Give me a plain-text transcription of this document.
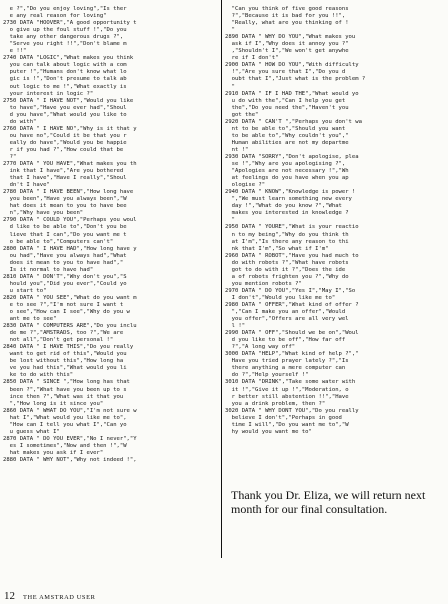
e ?","Do you enjoy loving","Is ther
e any real reason for loving"
2730 DATA "HOOVER","A good opportunity t
o give up the foul stuff !","Do you
take any other dangerous drugs ?",
"Serve you right !!","Don't blame m
e !!"
2740 DATA "LOGIC","What makes you think
you can talk about logic with a com
puter !","Humans don't know what lo
gic is !","Don't presume to talk ab
out logic to me !","What exactly is
your interest in logic ?"
2750 DATA " I HAVE NOT","Would you like
to have","Have you ever had","Shoul
d you have","What would you like to
do with"
2760 DATA " I HAVE NO","Why is it that y
ou have no","Could it be that you r
eally do have","Would you be happie
r if you had ?","How could that be
?"
2770 DATA " YOU HAVE","What makes you th
ink that I have","Are you bothered
that I have","Have I really","Shoul
dn't I have"
2780 DATA " I HAVE BEEN","How long have
you been","Have you always been","W
hat does it mean to you to have bee
n","Why have you been"
2790 DATA " COULD YOU","Perhaps you woul
d like to be able to","Don't you be
lieve that I can","Do you want me t
o be able to","Computers can't"
2800 DATA " I HAVE HAD","How long have y
ou had","Have you always had","What
does it mean to you to have had","
Is it normal to have had"
2810 DATA " DON'T","Why don't you","S
hould you","Did you ever","Could yo
u start to"
2820 DATA " YOU SEE","What do you want m
e to see ?","I'm not sure I want t
o see","How can I see","Why do you w
ant me to see"
2830 DATA " COMPUTERS ARE","Do you inclu
de me ?","AMSTRADS, too ?","We are
not all","Don't get personal !"
2840 DATA " I HAVE THIS","Do you really
want to get rid of this","Would you
be lost without this","How long ha
ve you had this","What would you li
ke to do with this"
2850 DATA " SINCE ","How long has that
been ?","What have you been up to s
ince then ?","What was it that you
","How long is it since you"
2860 DATA " WHAT DO YOU","I'm not sure w
hat I","What would you like me to",
"How can I tell you what I","Can yo
u guess what I"
2870 DATA " DO YOU EVER","No I never","Y
es I sometimes","Now and then !","W
hat makes you ask if I ever"
2880 DATA " WHY NOT","Why not indeed !",
"Can you think of five good reasons
?","Because it is bad for you !!",
"Really, what are you thinking of !
"
2890 DATA " WHY DO YOU","What makes you
ask if I","Why does it annoy you ?"
,"Shouldn't I","We won't get anywhe
re if I don't"
2900 DATA " HOW DO YOU","With difficulty
!","Are you sure that I","Do you d
oubt that I","Just what is the problem ?
"
2910 DATA " IF I HAD THE","What would yo
u do with the","Can I help you get
the","Do you need the","Haven't you
got the"
2920 DATA " CAN'T ","Perhaps you don't wa
nt to be able to","Should you want
to be able to","Why couldn't you","
Human abilities are not my departme
nt !"
2930 DATA "SORRY","Don't apologise, plea
se !","Why are you apologising ?",
"Apologies are not necessary !","Wh
at feelings do you have when you ap
ologise ?"
2940 DATA " KNOW","Knowledge is power !
","We must learn something new every
day !","What do you know ?","What
makes you interested in knowledge ?
"
2950 DATA " YOURE","What is your reactio
n to my being","Why do you think th
at I'm","Is there any reason to thi
nk that I'm","So what if I'm"
2960 DATA " ROBOT","Have you had much to
do with robots ?","What have robots
got to do with it ?","Does the ide
a of robots frighten you ?","Why do
you mention robots ?"
2970 DATA " DO YOU","Yes I","May I","So
I don't","Would you like me to"
2980 DATA " OFFER","What kind of offer ?
","Can I make you an offer","Would
you offer","Offers are all very wel
l !"
2990 DATA " OFF","Should we be on","Woul
d you like to be off","How far off
?","A long way off"
3000 DATA "HELP","What kind of help ?","
Have you tried prayer lately ?","Is
there anything a mere computer can
do ?","Help yourself !"
3010 DATA "DRINK","Take some water with
it !","Give it up !","Moderation, o
r better still abstention !!","Have
you a drink problem, then ?"
3020 DATA " WHY DONT YOU","Do you really
believe I don't","Perhaps in good
time I will","Do you want me to","W
hy would you want me to"
Thank you Dr. Eliza, we will return next month for our final consultation.
12 THE AMSTRAD USER
